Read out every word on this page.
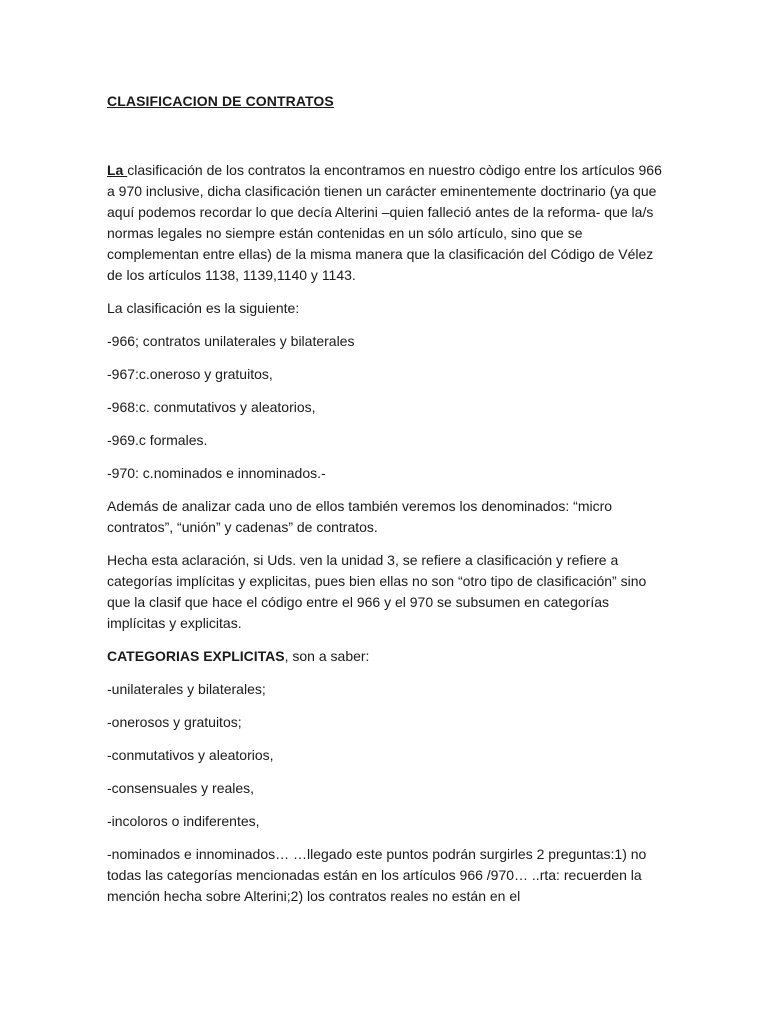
CLASIFICACION DE CONTRATOS

La clasificación de los contratos la encontramos en nuestro còdigo entre los artículos 966 a 970 inclusive, dicha clasificación tienen un carácter eminentemente doctrinario (ya que aquí podemos recordar lo que decía Alterini –quien falleció antes de la reforma- que la/s normas legales no siempre están contenidas en un sólo artículo, sino que se complementan entre ellas) de la misma manera que la clasificación del Código de Vélez de los artículos 1138, 1139,1140 y 1143.

La clasificación es la siguiente:

-966; contratos unilaterales y bilaterales

-967:c.oneroso y gratuitos,

-968:c. conmutativos y aleatorios,

-969.c formales.

-970: c.nominados e innominados.-

Además de analizar cada uno de ellos también veremos los denominados: “micro contratos”, “unión” y cadenas” de contratos.

Hecha esta aclaración, si Uds. ven la unidad 3, se refiere a clasificación y refiere a categorías implícitas y explicitas, pues bien ellas no son “otro tipo de clasificación” sino que la clasif que hace el código entre el 966 y el 970 se subsumen en categorías implícitas y explicitas.

CATEGORIAS EXPLICITAS, son a saber:

-unilaterales y bilaterales;

-onerosos y gratuitos;

-conmutativos y aleatorios,

-consensuales y reales,

-incoloros o indiferentes,

-nominados e innominados… …llegado este puntos podrán surgirles 2 preguntas:1) no todas las categorías mencionadas están en los artículos 966 /970… ..rta: recuerden la mención hecha sobre Alterini;2) los contratos reales no están en el
